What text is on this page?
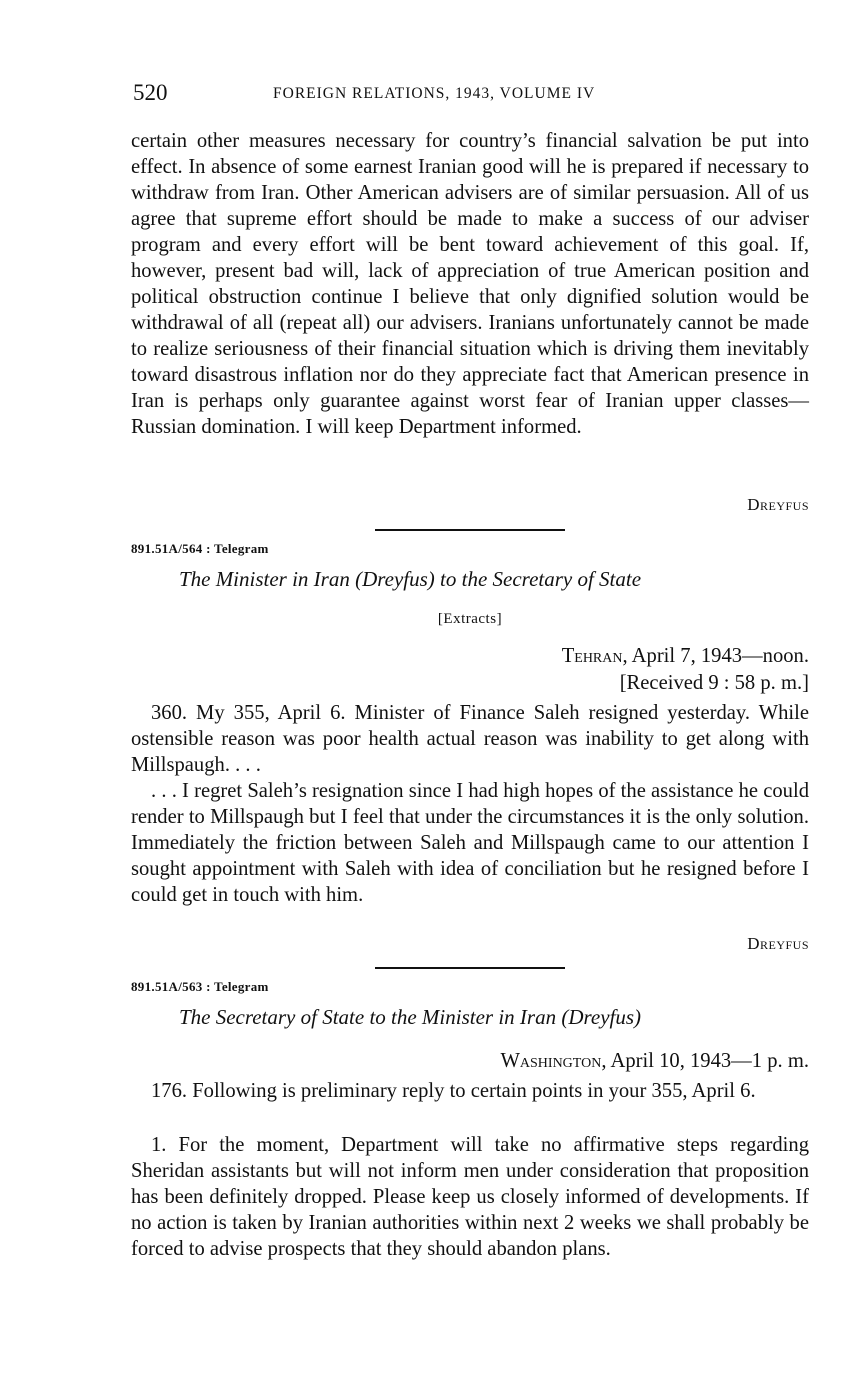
520	FOREIGN RELATIONS, 1943, VOLUME IV

certain other measures necessary for country’s financial salvation be put into effect. In absence of some earnest Iranian good will he is prepared if necessary to withdraw from Iran. Other American advisers are of similar persuasion. All of us agree that supreme effort should be made to make a success of our adviser program and every effort will be bent toward achievement of this goal. If, however, present bad will, lack of appreciation of true American position and political obstruction continue I believe that only dignified solution would be withdrawal of all (repeat all) our advisers. Iranians unfortunately cannot be made to realize seriousness of their financial situation which is driving them inevitably toward disastrous inflation nor do they appreciate fact that American presence in Iran is perhaps only guarantee against worst fear of Iranian upper classes—Russian domination. I will keep Department informed.

Dreyfus
891.51A/564 : Telegram
The Minister in Iran (Dreyfus) to the Secretary of State
[Extracts]
Tehran, April 7, 1943—noon.
[Received 9 : 58 p. m.]

360. My 355, April 6. Minister of Finance Saleh resigned yesterday. While ostensible reason was poor health actual reason was inability to get along with Millspaugh. . . .

. . . I regret Saleh’s resignation since I had high hopes of the assistance he could render to Millspaugh but I feel that under the circumstances it is the only solution. Immediately the friction between Saleh and Millspaugh came to our attention I sought appointment with Saleh with idea of conciliation but he resigned before I could get in touch with him.

Dreyfus
891.51A/563 : Telegram
The Secretary of State to the Minister in Iran (Dreyfus)
Washington, April 10, 1943—1 p. m.

176. Following is preliminary reply to certain points in your 355, April 6.

1. For the moment, Department will take no affirmative steps regarding Sheridan assistants but will not inform men under consideration that proposition has been definitely dropped. Please keep us closely informed of developments. If no action is taken by Iranian authorities within next 2 weeks we shall probably be forced to advise prospects that they should abandon plans.
